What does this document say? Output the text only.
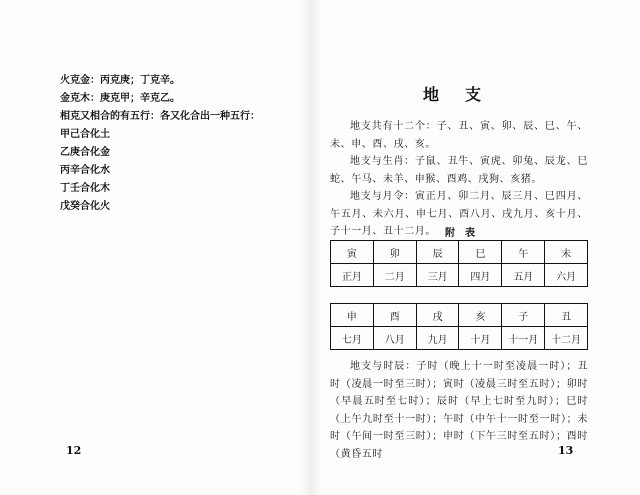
火克金：丙克庚；丁克辛。
金克木：庚克甲；辛克乙。
相克又相合的有五行：各又化合出一种五行：
甲己合化土
乙庚合化金
丙辛合化水
丁壬合化木
戊癸合化火
12
地支
地支共有十二个：子、丑、寅、卯、辰、巳、午、未、申、酉、戌、亥。
地支与生肖：子鼠、丑牛、寅虎、卯兔、辰龙、巳蛇、午马、未羊、申猴、酉鸡、戌狗、亥猪。
地支与月令：寅正月、卯二月、辰三月、巳四月、午五月、未六月、申七月、酉八月、戌九月、亥十月、子十一月、丑十二月。 附表
寅	卯	辰	巳	午	未
正月	二月	三月	四月	五月	六月
申	酉	戌	亥	子	丑
七月	八月	九月	十月	十一月	十二月
地支与时辰：子时（晚上十一时至凌晨一时）；丑时（凌晨一时至三时）；寅时（凌晨三时至五时）；卯时（早晨五时至七时）；辰时（早上七时至九时）；巳时（上午九时至十一时）；午时（中午十一时至一时）；未时（午间一时至三时）；申时（下午三时至五时）；酉时（黄昏五时	13
